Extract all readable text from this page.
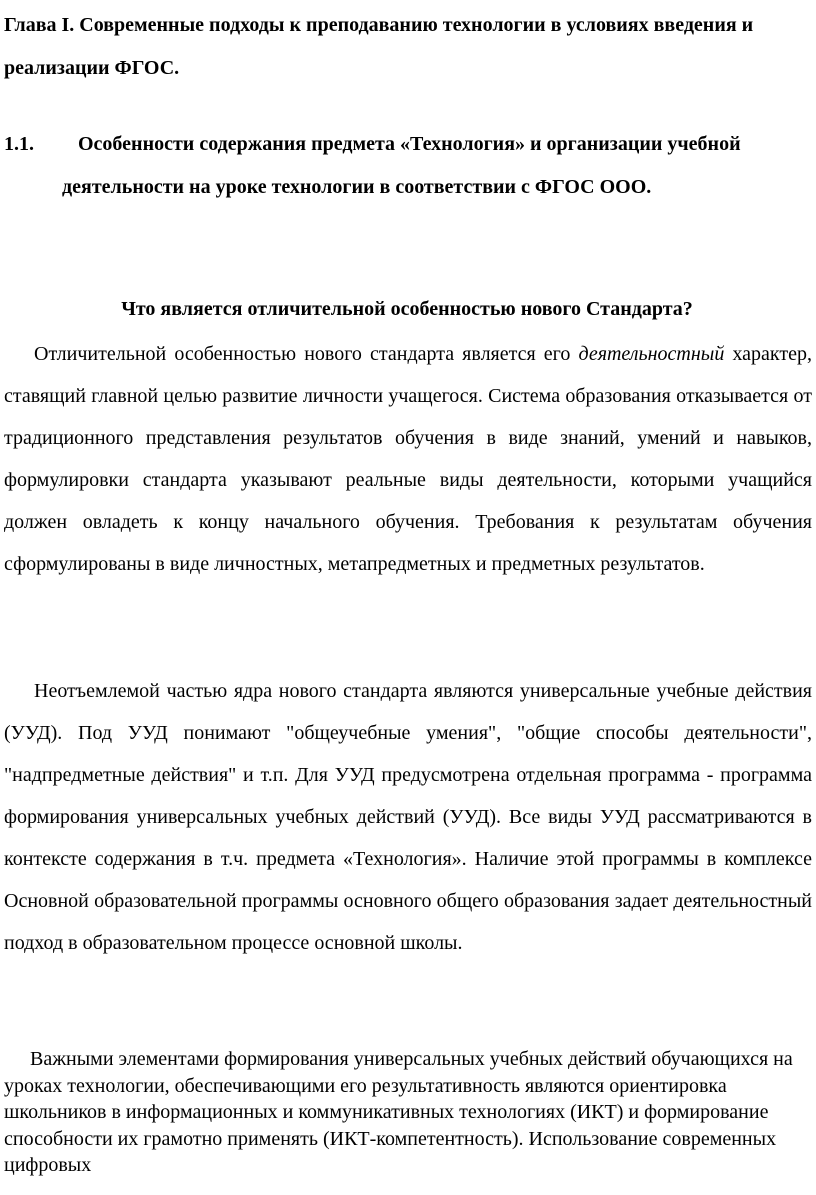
Глава I. Современные подходы к преподаванию технологии в условиях введения и реализации ФГОС.
1.1.	Особенности содержания предмета «Технология» и организации учебной деятельности на уроке технологии в соответствии с ФГОС ООО.

Что является отличительной особенностью нового Стандарта?

Отличительной особенностью нового стандарта является его деятельностный характер, ставящий главной целью развитие личности учащегося. Система образования отказывается от традиционного представления результатов обучения в виде знаний, умений и навыков, формулировки стандарта указывают реальные виды деятельности, которыми учащийся должен овладеть к концу начального обучения. Требования к результатам обучения сформулированы в виде личностных, метапредметных и предметных результатов.

Неотъемлемой частью ядра нового стандарта являются универсальные учебные действия (УУД). Под УУД понимают "общеучебные умения", "общие способы деятельности", "надпредметные действия" и т.п. Для УУД предусмотрена отдельная программа - программа формирования универсальных учебных действий (УУД). Все виды УУД рассматриваются в контексте содержания в т.ч. предмета «Технология». Наличие этой программы в комплексе Основной образовательной программы основного общего образования задает деятельностный подход в образовательном процессе основной школы.

Важными элементами формирования универсальных учебных действий обучающихся на уроках технологии, обеспечивающими его результативность являются ориентировка школьников в информационных и коммуникативных технологиях (ИКТ) и формирование способности их грамотно применять (ИКТ-компетентность). Использование современных цифровых
